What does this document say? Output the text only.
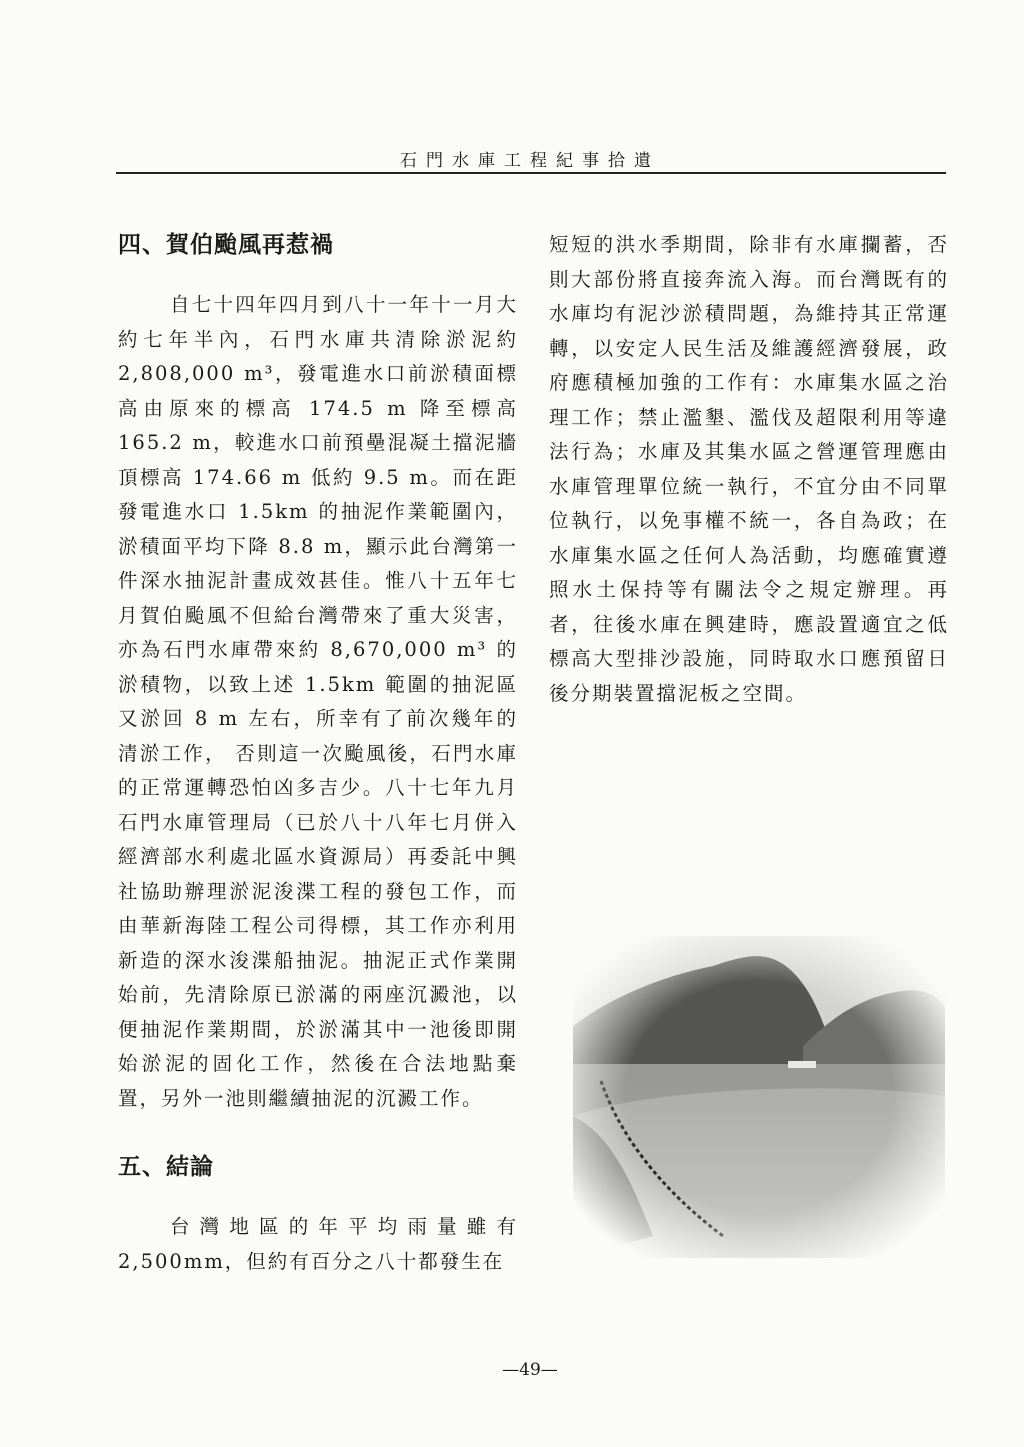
石門水庫工程紀事拾遺
四、賀伯颱風再惹禍

自七十四年四月到八十一年十一月大約七年半內，石門水庫共清除淤泥約 2,808,000 m³，發電進水口前淤積面標高由原來的標高 174.5 m 降至標高 165.2 m，較進水口前預壘混凝土擋泥牆頂標高 174.66 m 低約 9.5 m。而在距發電進水口 1.5km 的抽泥作業範圍內，淤積面平均下降 8.8 m，顯示此台灣第一件深水抽泥計畫成效甚佳。惟八十五年七月賀伯颱風不但給台灣帶來了重大災害，亦為石門水庫帶來約 8,670,000 m³ 的淤積物，以致上述 1.5km 範圍的抽泥區又淤回 8 m 左右，所幸有了前次幾年的清淤工作， 否則這一次颱風後，石門水庫的正常運轉恐怕凶多吉少。八十七年九月石門水庫管理局（已於八十八年七月併入經濟部水利處北區水資源局）再委託中興社協助辦理淤泥浚渫工程的發包工作，而由華新海陸工程公司得標，其工作亦利用新造的深水浚渫船抽泥。抽泥正式作業開始前，先清除原已淤滿的兩座沉澱池，以便抽泥作業期間，於淤滿其中一池後即開始淤泥的固化工作，然後在合法地點棄置，另外一池則繼續抽泥的沉澱工作。

五、結論

台灣地區的年平均雨量雖有 2,500mm，但約有百分之八十都發生在

短短的洪水季期間，除非有水庫攔蓄，否則大部份將直接奔流入海。而台灣既有的水庫均有泥沙淤積問題，為維持其正常運轉，以安定人民生活及維護經濟發展，政府應積極加強的工作有：水庫集水區之治理工作；禁止濫墾、濫伐及超限利用等違法行為；水庫及其集水區之營運管理應由水庫管理單位統一執行，不宜分由不同單位執行，以免事權不統一，各自為政；在水庫集水區之任何人為活動，均應確實遵照水土保持等有關法令之規定辦理。再者，往後水庫在興建時，應設置適宜之低標高大型排沙設施，同時取水口應預留日後分期裝置擋泥板之空間。

—49—
